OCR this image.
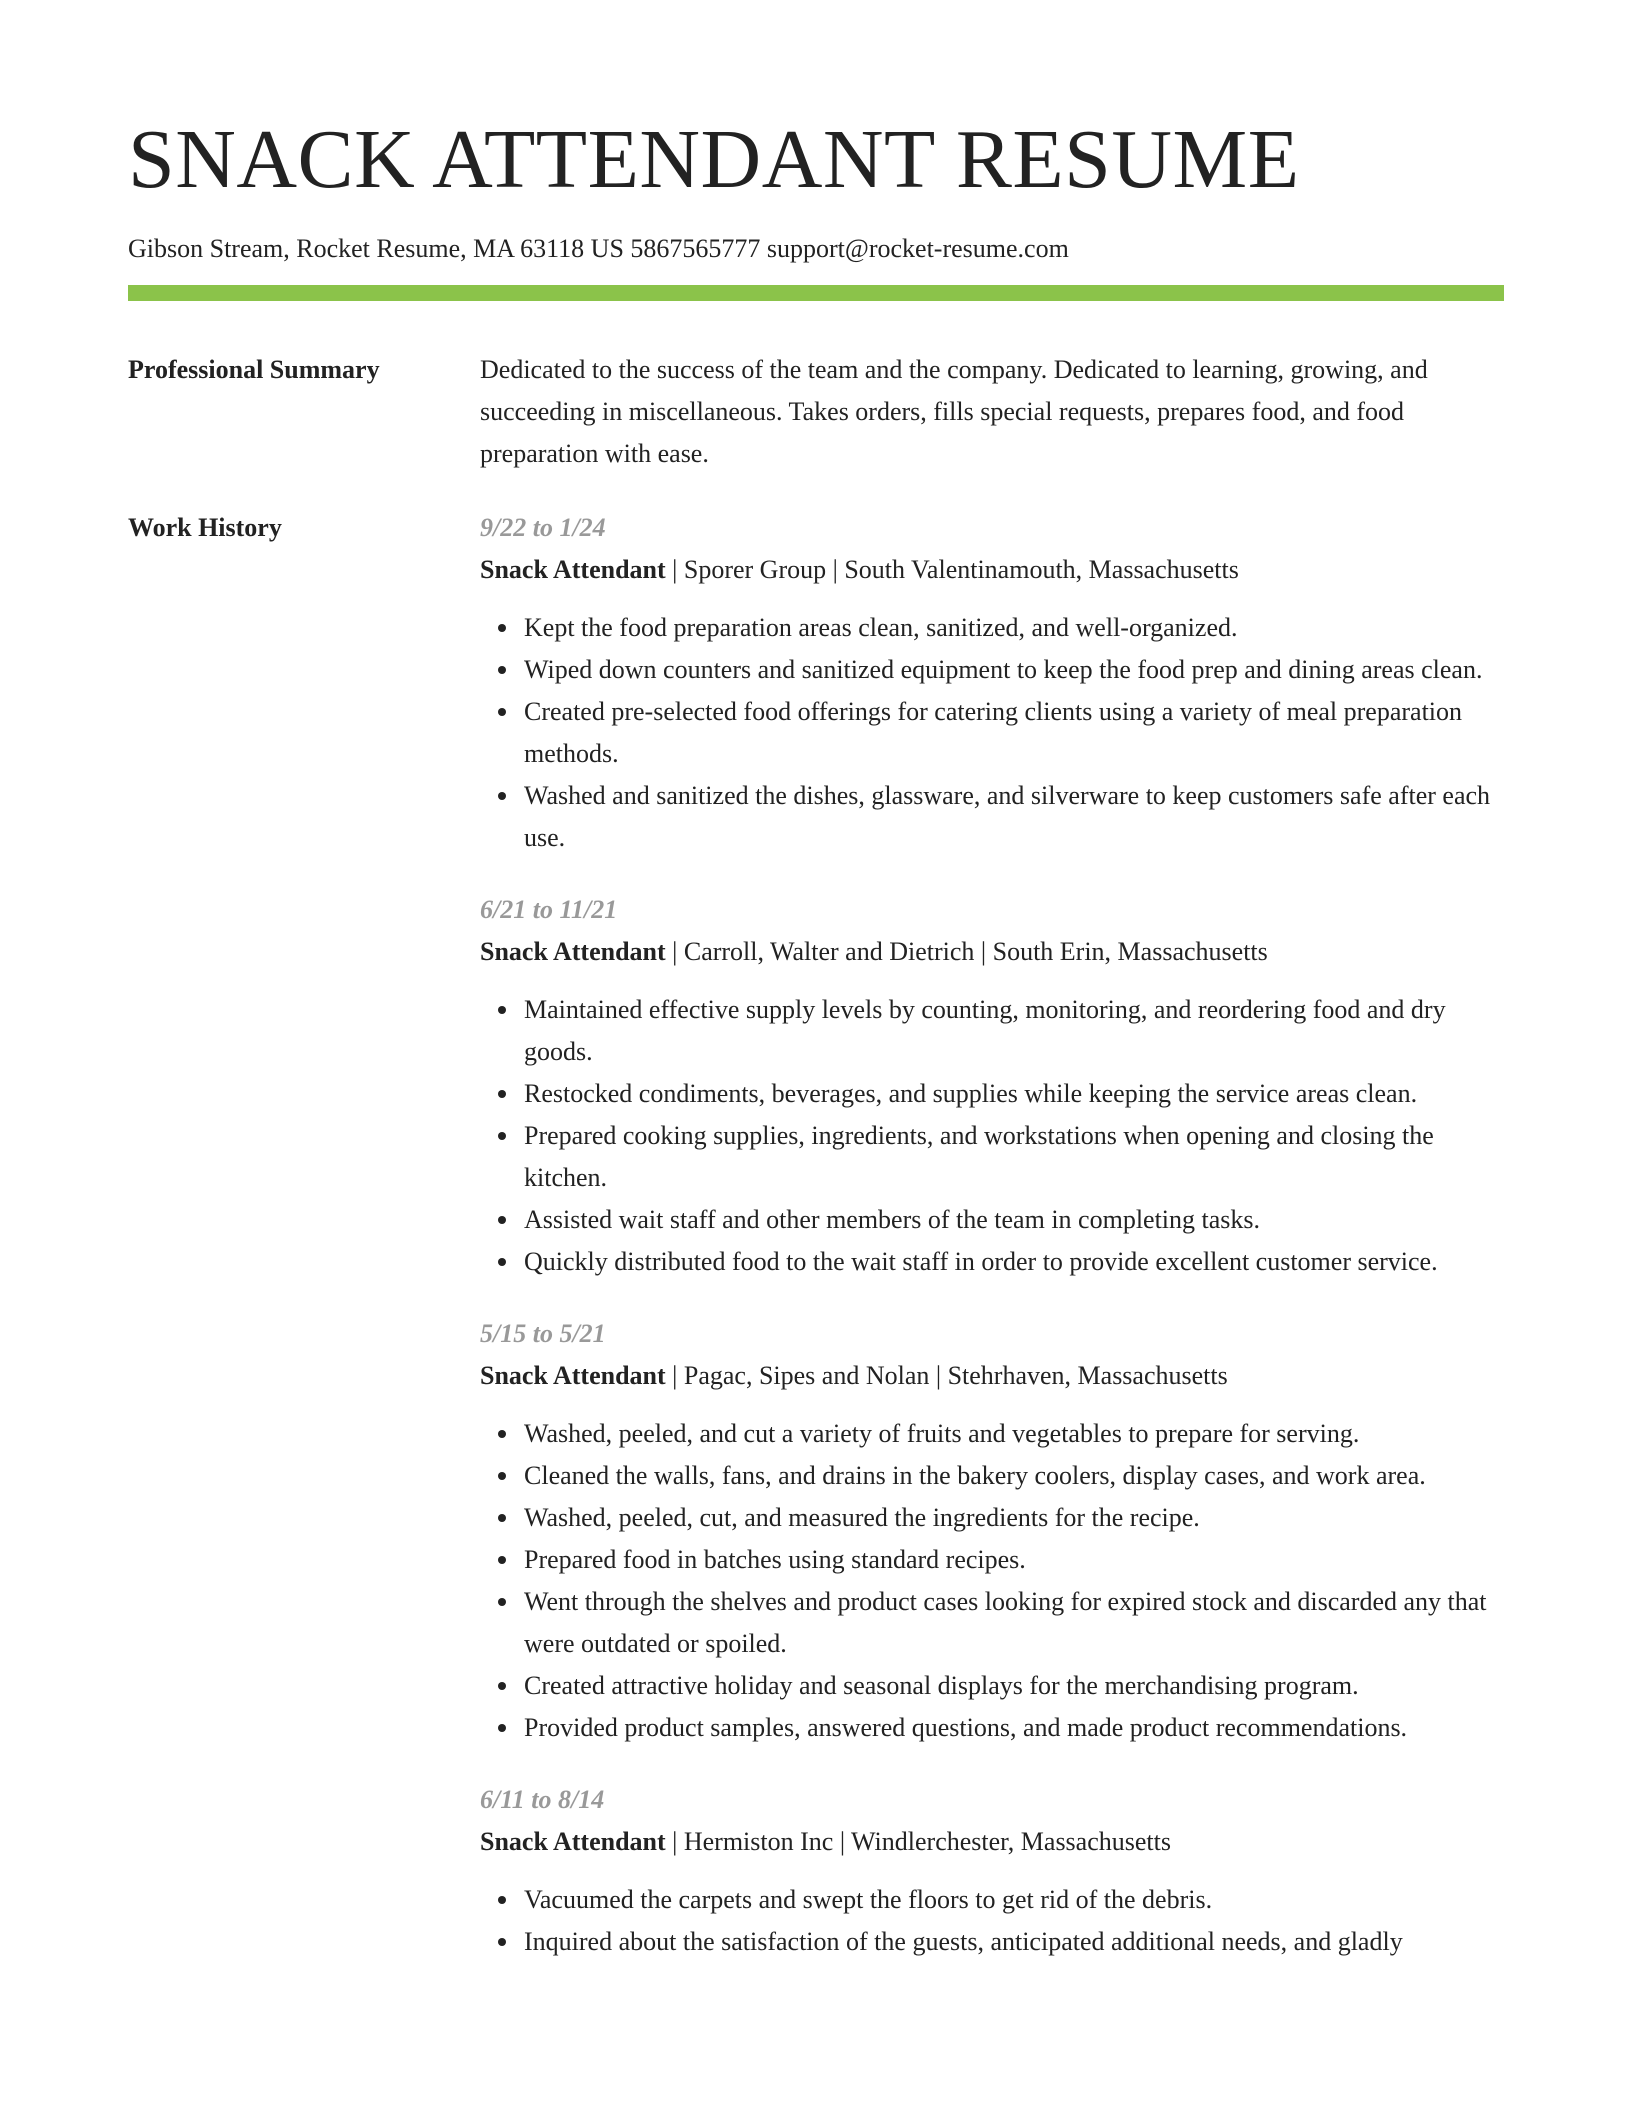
SNACK ATTENDANT RESUME
Gibson Stream, Rocket Resume, MA 63118 US 5867565777 support@rocket-resume.com
Professional Summary	Dedicated to the success of the team and the company. Dedicated to learning, growing, and succeeding in miscellaneous. Takes orders, fills special requests, prepares food, and food preparation with ease.

Work History	9/22 to 1/24
Snack Attendant | Sporer Group | South Valentinamouth, Massachusetts
Kept the food preparation areas clean, sanitized, and well-organized.
Wiped down counters and sanitized equipment to keep the food prep and dining areas clean.
Created pre-selected food offerings for catering clients using a variety of meal preparation methods.
Washed and sanitized the dishes, glassware, and silverware to keep customers safe after each use.
6/21 to 11/21
Snack Attendant | Carroll, Walter and Dietrich | South Erin, Massachusetts
Maintained effective supply levels by counting, monitoring, and reordering food and dry goods.
Restocked condiments, beverages, and supplies while keeping the service areas clean.
Prepared cooking supplies, ingredients, and workstations when opening and closing the kitchen.
Assisted wait staff and other members of the team in completing tasks.
Quickly distributed food to the wait staff in order to provide excellent customer service.
5/15 to 5/21
Snack Attendant | Pagac, Sipes and Nolan | Stehrhaven, Massachusetts
Washed, peeled, and cut a variety of fruits and vegetables to prepare for serving.
Cleaned the walls, fans, and drains in the bakery coolers, display cases, and work area.
Washed, peeled, cut, and measured the ingredients for the recipe.
Prepared food in batches using standard recipes.
Went through the shelves and product cases looking for expired stock and discarded any that were outdated or spoiled.
Created attractive holiday and seasonal displays for the merchandising program.
Provided product samples, answered questions, and made product recommendations.
6/11 to 8/14
Snack Attendant | Hermiston Inc | Windlerchester, Massachusetts
Vacuumed the carpets and swept the floors to get rid of the debris.
Inquired about the satisfaction of the guests, anticipated additional needs, and gladly
